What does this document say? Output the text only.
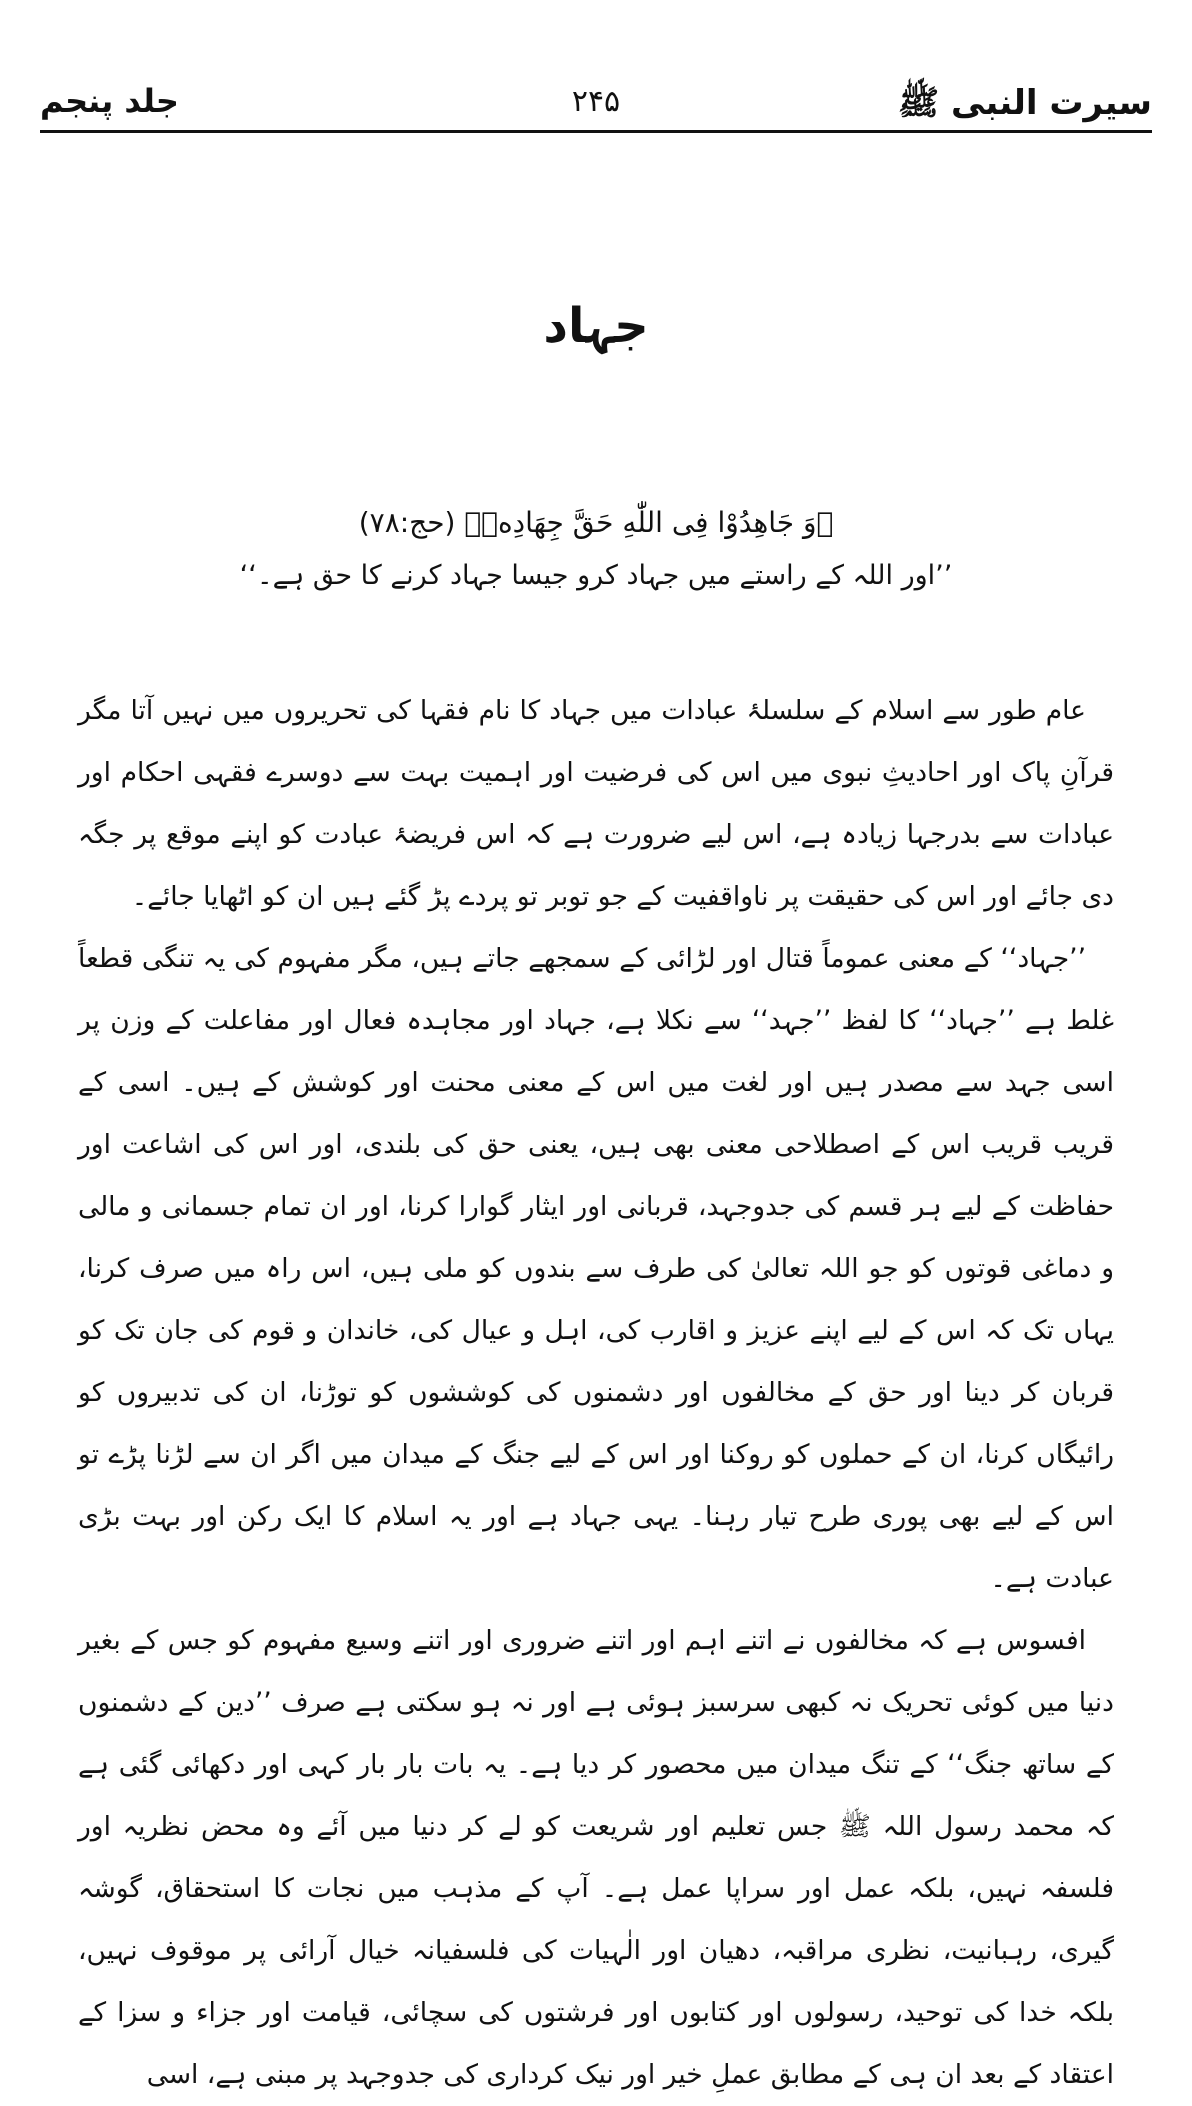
سیرت النبی ﷺ
۲۴۵
جلد پنجم
جہاد
﴿وَ جَاهِدُوْا فِی اللّٰهِ حَقَّ جِهَادِهٖ﴾ (حج:۷۸)
’’اور اللہ کے راستے میں جہاد کرو جیسا جہاد کرنے کا حق ہے۔‘‘

عام طور سے اسلام کے سلسلۂ عبادات میں جہاد کا نام فقہا کی تحریروں میں نہیں آتا مگر قرآنِ پاک اور احادیثِ نبوی میں اس کی فرضیت اور اہمیت بہت سے دوسرے فقہی احکام اور عبادات سے بدرجہا زیادہ ہے، اس لیے ضرورت ہے کہ اس فریضۂ عبادت کو اپنے موقع پر جگہ دی جائے اور اس کی حقیقت پر ناواقفیت کے جو توبر تو پردے پڑ گئے ہیں ان کو اٹھایا جائے۔

’’جہاد‘‘ کے معنی عموماً قتال اور لڑائی کے سمجھے جاتے ہیں، مگر مفہوم کی یہ تنگی قطعاً غلط ہے ’’جہاد‘‘ کا لفظ ’’جہد‘‘ سے نکلا ہے، جہاد اور مجاہدہ فعال اور مفاعلت کے وزن پر اسی جہد سے مصدر ہیں اور لغت میں اس کے معنی محنت اور کوشش کے ہیں۔ اسی کے قریب قریب اس کے اصطلاحی معنی بھی ہیں، یعنی حق کی بلندی، اور اس کی اشاعت اور حفاظت کے لیے ہر قسم کی جدوجہد، قربانی اور ایثار گوارا کرنا، اور ان تمام جسمانی و مالی و دماغی قوتوں کو جو اللہ تعالیٰ کی طرف سے بندوں کو ملی ہیں، اس راہ میں صرف کرنا، یہاں تک کہ اس کے لیے اپنے عزیز و اقارب کی، اہل و عیال کی، خاندان و قوم کی جان تک کو قربان کر دینا اور حق کے مخالفوں اور دشمنوں کی کوششوں کو توڑنا، ان کی تدبیروں کو رائیگاں کرنا، ان کے حملوں کو روکنا اور اس کے لیے جنگ کے میدان میں اگر ان سے لڑنا پڑے تو اس کے لیے بھی پوری طرح تیار رہنا۔ یہی جہاد ہے اور یہ اسلام کا ایک رکن اور بہت بڑی عبادت ہے۔

افسوس ہے کہ مخالفوں نے اتنے اہم اور اتنے ضروری اور اتنے وسیع مفہوم کو جس کے بغیر دنیا میں کوئی تحریک نہ کبھی سرسبز ہوئی ہے اور نہ ہو سکتی ہے صرف ’’دین کے دشمنوں کے ساتھ جنگ‘‘ کے تنگ میدان میں محصور کر دیا ہے۔ یہ بات بار بار کہی اور دکھائی گئی ہے کہ محمد رسول اللہ ﷺ جس تعلیم اور شریعت کو لے کر دنیا میں آئے وہ محض نظریہ اور فلسفہ نہیں، بلکہ عمل اور سراپا عمل ہے۔ آپ کے مذہب میں نجات کا استحقاق، گوشہ گیری، رہبانیت، نظری مراقبہ، دھیان اور الٰہیات کی فلسفیانہ خیال آرائی پر موقوف نہیں، بلکہ خدا کی توحید، رسولوں اور کتابوں اور فرشتوں کی سچائی، قیامت اور جزاء و سزا کے اعتقاد کے بعد ان ہی کے مطابق عملِ خیر اور نیک کرداری کی جدوجہد پر مبنی ہے، اسی
